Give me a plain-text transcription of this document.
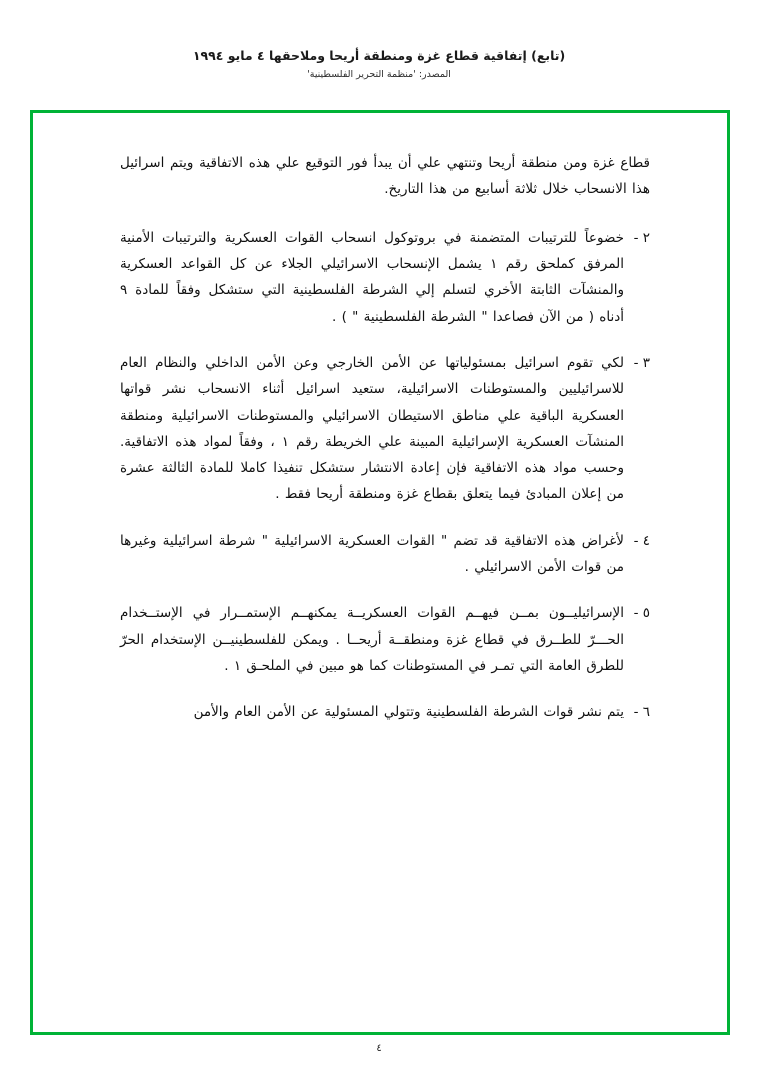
(تابع) إتفاقية قطاع غزة ومنطقة أريحا وملاحقها ٤ مايو ١٩٩٤
المصدر: 'منظمة التحرير الفلسطينية'
قطاع غزة ومن منطقة أريحا وتنتهي علي أن يبدأ فور التوقيع علي هذه الاتفاقية ويتم اسرائيل هذا الانسحاب خلال ثلاثة أسابيع من هذا التاريخ.
٢ -
خضوعاً للترتيبات المتضمنة في بروتوكول انسحاب القوات العسكرية والترتيبات الأمنية المرفق كملحق رقم ١ يشمل الإنسحاب الاسرائيلي الجلاء عن كل القواعد العسكرية والمنشآت الثابتة الأخري لتسلم إلي الشرطة الفلسطينية التي ستشكل وفقاً للمادة ٩ أدناه ( من الآن فصاعدا " الشرطة الفلسطينية " ) .
٣ -
لكي تقوم اسرائيل بمسئولياتها عن الأمن الخارجي وعن الأمن الداخلي والنظام العام للاسرائيليين والمستوطنات الاسرائيلية، ستعيد اسرائيل أثناء الانسحاب نشر قواتها العسكرية الباقية علي مناطق الاستيطان الاسرائيلي والمستوطنات الاسرائيلية ومنطقة المنشآت العسكرية الإسرائيلية المبينة علي الخريطة رقم ١ ، وفقاً لمواد هذه الاتفاقية. وحسب مواد هذه الاتفاقية فإن إعادة الانتشار ستشكل تنفيذا كاملا للمادة الثالثة عشرة من إعلان المبادئ فيما يتعلق بقطاع غزة ومنطقة أريحا فقط .
٤ -
لأغراض هذه الاتفاقية قد تضم " القوات العسكرية الاسرائيلية " شرطة اسرائيلية وغيرها من قوات الأمن الاسرائيلي .
٥ -
الإسرائيليــون بمــن فيهــم القوات العسكريــة يمكنهــم الإستمــرار في الإستــخدام الحـــرّ للطــرق في قطاع غزة ومنطقــة أريحــا . ويمكن للفلسطينيــن الإستخدام الحرّ للطرق العامة التي تمـر في المستوطنات كما هو مبين في الملحـق ١ .
٦ -
يتم نشر قوات الشرطة الفلسطينية وتتولي المسئولية عن الأمن العام والأمن
٤
